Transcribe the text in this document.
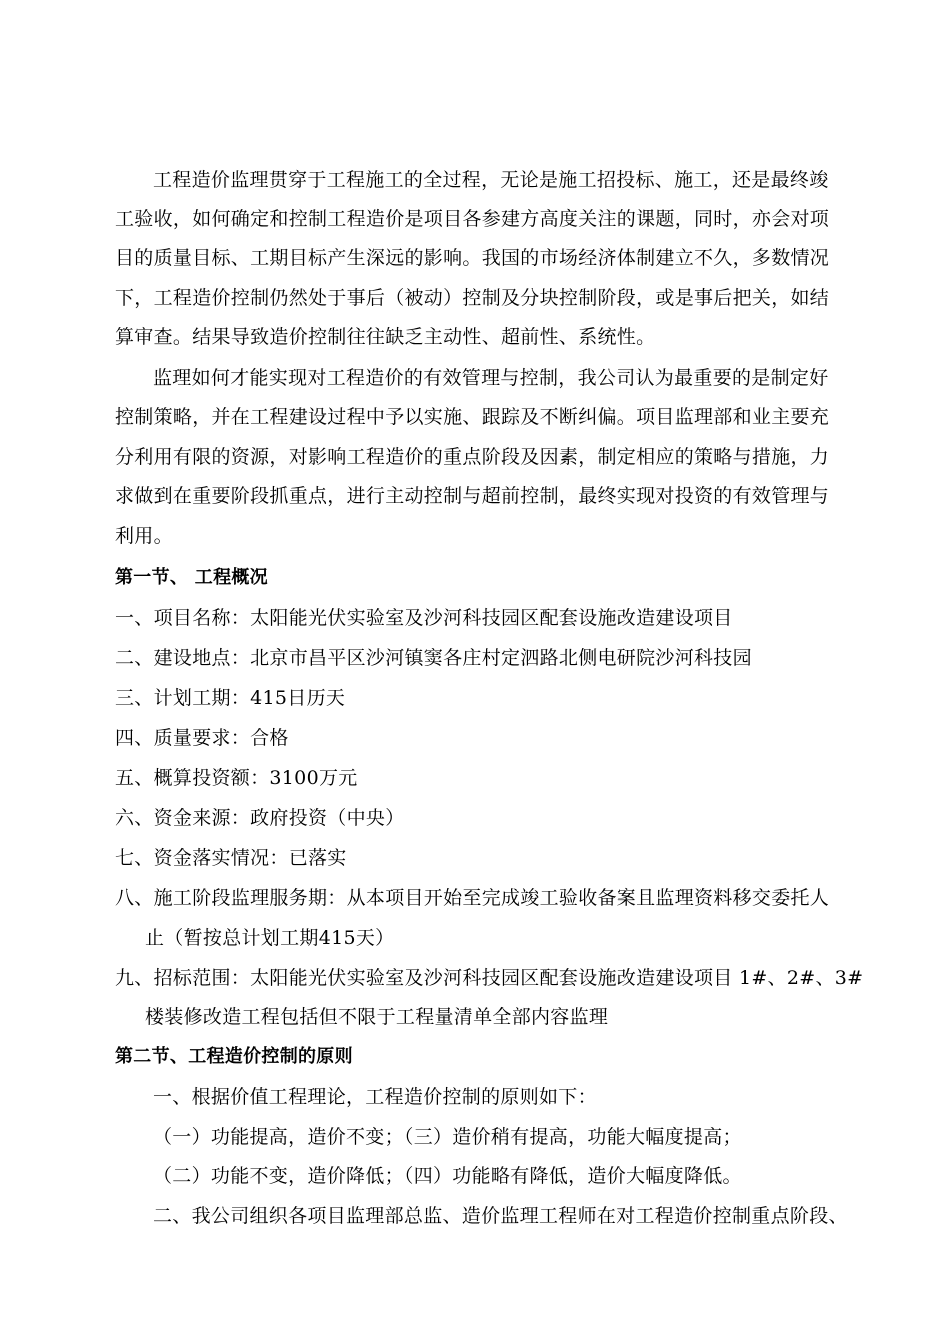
工程造价监理贯穿于工程施工的全过程，无论是施工招投标、施工，还是最终竣
工验收，如何确定和控制工程造价是项目各参建方高度关注的课题，同时，亦会对项
目的质量目标、工期目标产生深远的影响。我国的市场经济体制建立不久，多数情况
下，工程造价控制仍然处于事后（被动）控制及分块控制阶段，或是事后把关，如结
算审查。结果导致造价控制往往缺乏主动性、超前性、系统性。
监理如何才能实现对工程造价的有效管理与控制，我公司认为最重要的是制定好
控制策略，并在工程建设过程中予以实施、跟踪及不断纠偏。项目监理部和业主要充
分利用有限的资源，对影响工程造价的重点阶段及因素，制定相应的策略与措施，力
求做到在重要阶段抓重点，进行主动控制与超前控制，最终实现对投资的有效管理与
利用。
第一节、 工程概况
一、项目名称：太阳能光伏实验室及沙河科技园区配套设施改造建设项目
二、建设地点：北京市昌平区沙河镇窦各庄村定泗路北侧电研院沙河科技园
三、计划工期：415日历天
四、质量要求：合格
五、概算投资额：3100万元
六、资金来源：政府投资（中央）
七、资金落实情况：已落实
八、施工阶段监理服务期：从本项目开始至完成竣工验收备案且监理资料移交委托人
止（暂按总计划工期415天）
九、招标范围：太阳能光伏实验室及沙河科技园区配套设施改造建设项目 1#、2#、3#
楼装修改造工程包括但不限于工程量清单全部内容监理
第二节、工程造价控制的原则
一、根据价值工程理论，工程造价控制的原则如下：
（一）功能提高，造价不变；（三）造价稍有提高，功能大幅度提高；
（二）功能不变，造价降低；（四）功能略有降低，造价大幅度降低。
二、我公司组织各项目监理部总监、造价监理工程师在对工程造价控制重点阶段、
